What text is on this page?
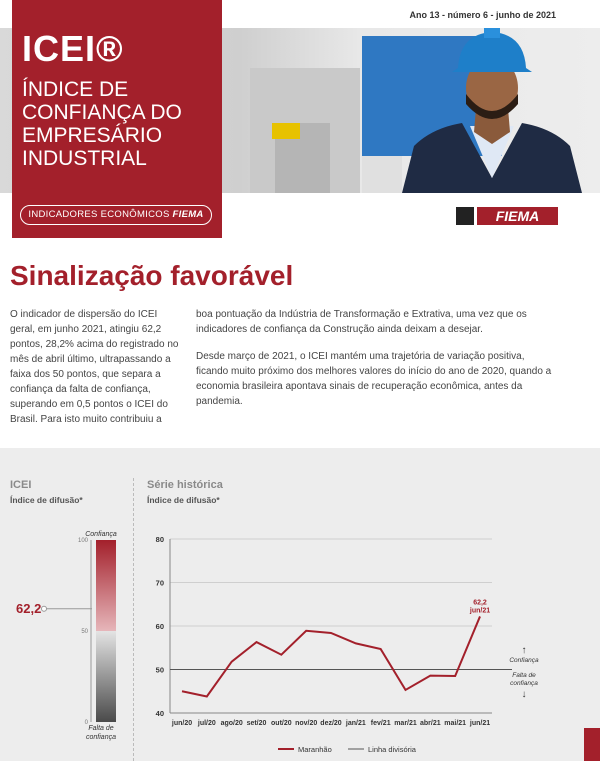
Ano 13 - número 6 - junho de 2021
ICEI®
ÍNDICE DE CONFIANÇA DO EMPRESÁRIO INDUSTRIAL
INDICADORES ECONÔMICOS FIEMA	FIEMA
Sinalização favorável

O indicador de dispersão do ICEI geral, em junho 2021, atingiu 62,2 pontos, 28,2% acima do registrado no mês de abril último, ultrapassando a faixa dos 50 pontos, que separa a confiança da falta de confiança, superando em 0,5 pontos o ICEI do Brasil. Para isto muito contribuiu a

boa pontuação da Indústria de Transformação e Extrativa, uma vez que os indicadores de confiança da Construção ainda deixam a desejar.

Desde março de 2021, o ICEI mantém uma trajetória de variação positiva, ficando muito próximo dos melhores valores do início do ano de 2020, quando a economia brasileira apontava sinais de recuperação econômica, antes da pandemia.

ICEI
Índice de difusão*
Série histórica
Índice de difusão*
Confiança
100
50
0
Falta de
confiança
62,2
40
50
60
70
80
jun/20 jul/20 ago/20 set/20 out/20 nov/20 dez/20 jan/21 fev/21 mar/21 abr/21 mai/21 jun/21
62,2
jun/21
↑
Confiança
Falta de
confiança
↓
Maranhão	Linha divisória
